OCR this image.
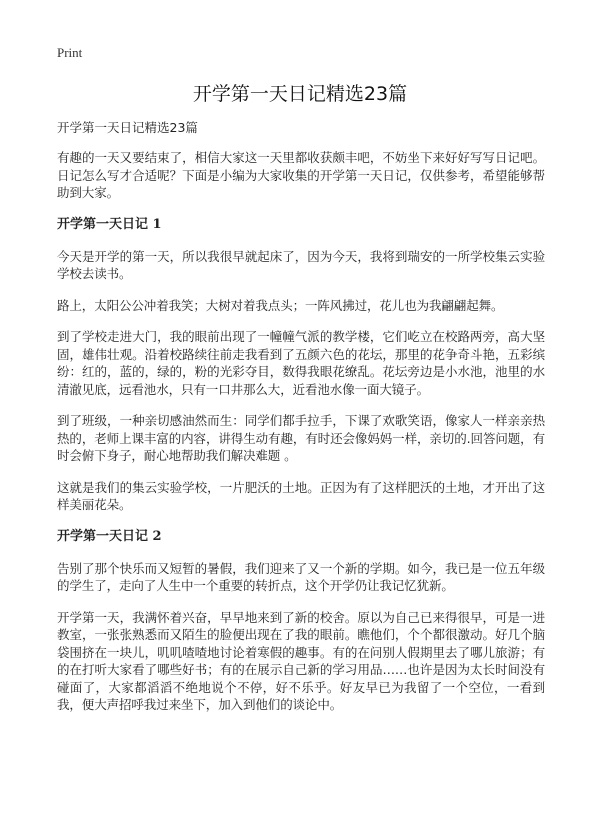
Print
开学第一天日记精选23篇

开学第一天日记精选23篇

有趣的一天又要结束了，相信大家这一天里都收获颇丰吧，不妨坐下来好好写写日记吧。日记怎么写才合适呢？下面是小编为大家收集的开学第一天日记，仅供参考，希望能够帮助到大家。

开学第一天日记 1

今天是开学的第一天，所以我很早就起床了，因为今天，我将到瑞安的一所学校集云实验学校去读书。

路上，太阳公公冲着我笑；大树对着我点头；一阵风拂过，花儿也为我翩翩起舞。

到了学校走进大门，我的眼前出现了一幢幢气派的教学楼，它们屹立在校路两旁，高大坚固，雄伟壮观。沿着校路续往前走我看到了五颜六色的花坛，那里的花争奇斗艳，五彩缤纷：红的，蓝的，绿的，粉的光彩夺目，数得我眼花缭乱。花坛旁边是小水池，池里的水清澈见底，远看池水，只有一口井那么大，近看池水像一面大镜子。

到了班级，一种亲切感油然而生：同学们都手拉手，下课了欢歌笑语，像家人一样亲亲热热的，老师上课丰富的内容，讲得生动有趣，有时还会像妈妈一样，亲切的.回答问题，有时会俯下身子，耐心地帮助我们解决难题 。

这就是我们的集云实验学校，一片肥沃的土地。正因为有了这样肥沃的土地，才开出了这样美丽花朵。

开学第一天日记 2

告别了那个快乐而又短暂的暑假，我们迎来了又一个新的学期。如今，我已是一位五年级的学生了，走向了人生中一个重要的转折点，这个开学仍让我记忆犹新。

开学第一天，我满怀着兴奋，早早地来到了新的校舍。原以为自己已来得很早，可是一进教室，一张张熟悉而又陌生的脸便出现在了我的眼前。瞧他们，个个都很激动。好几个脑袋围挤在一块儿，叽叽喳喳地讨论着寒假的趣事。有的在问别人假期里去了哪儿旅游；有的在打听大家看了哪些好书；有的在展示自己新的学习用品……也许是因为太长时间没有碰面了，大家都滔滔不绝地说个不停，好不乐乎。好友早已为我留了一个空位，一看到我，便大声招呼我过来坐下，加入到他们的谈论中。
